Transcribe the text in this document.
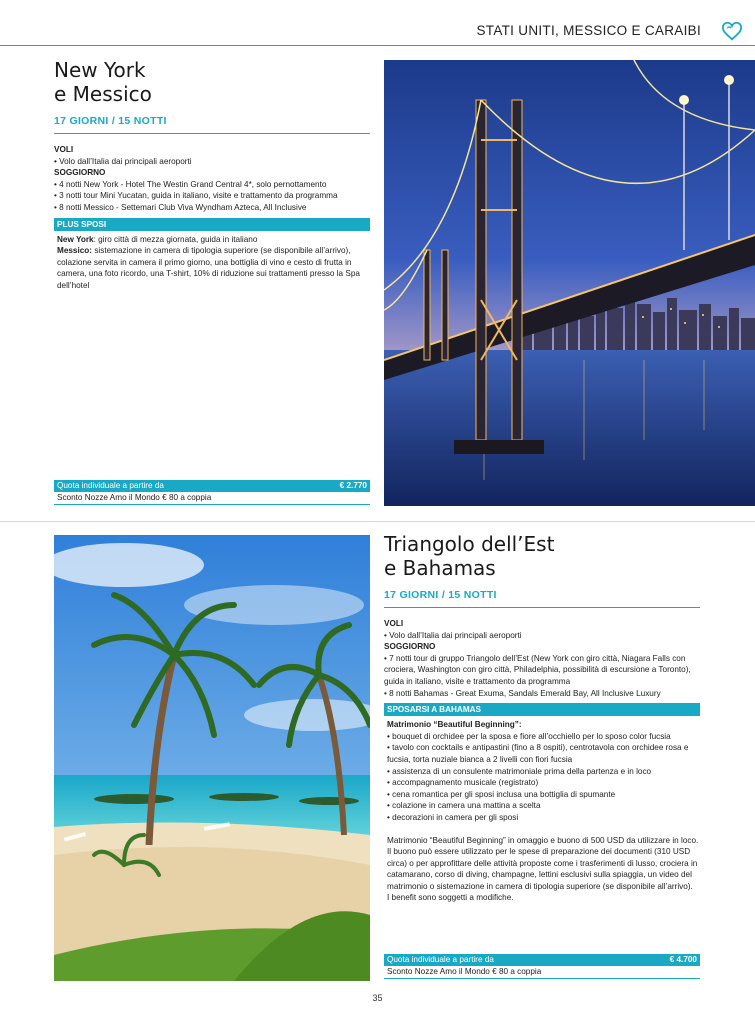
STATI UNITI, MESSICO E CARAIBI
New York
e Messico
17 GIORNI / 15 NOTTI
VOLI
• Volo dall’Italia dai principali aeroporti
SOGGIORNO
• 4 notti New York - Hotel The Westin Grand Central 4*, solo pernottamento
• 3 notti tour Mini Yucatan, guida in italiano, visite e trattamento da programma
• 8 notti Messico - Settemari Club Viva Wyndham Azteca, All Inclusive
PLUS SPOSI
New York: giro città di mezza giornata, guida in italiano
Messico: sistemazione in camera di tipologia superiore (se disponibile all’arrivo), colazione servita in camera il primo giorno, una bottiglia di vino e cesto di frutta in camera, una foto ricordo, una T-shirt, 10% di riduzione sui trattamenti presso la Spa dell’hotel
Quota individuale a partire da	€ 2.770
Sconto Nozze Amo il Mondo € 80 a coppia
Triangolo dell’Est
e Bahamas
17 GIORNI / 15 NOTTI
VOLI
• Volo dall’Italia dai principali aeroporti
SOGGIORNO
• 7 notti tour di gruppo Triangolo dell’Est (New York con giro città, Niagara Falls con crociera, Washington con giro città, Philadelphia, possibilità di escursione a Toronto), guida in italiano, visite e trattamento da programma
• 8 notti Bahamas - Great Exuma, Sandals Emerald Bay, All Inclusive Luxury
SPOSARSI A BAHAMAS
Matrimonio “Beautiful Beginning”:
• bouquet di orchidee per la sposa e fiore all’occhiello per lo sposo color fucsia
• tavolo con cocktails e antipastini (fino a 8 ospiti), centrotavola con orchidee rosa e fucsia, torta nuziale bianca a 2 livelli con fiori fucsia
• assistenza di un consulente matrimoniale prima della partenza e in loco
• accompagnamento musicale (registrato)
• cena romantica per gli sposi inclusa una bottiglia di spumante
• colazione in camera una mattina a scelta
• decorazioni in camera per gli sposi
Matrimonio “Beautiful Beginning” in omaggio e buono di 500 USD da utilizzare in loco. Il buono può essere utilizzato per le spese di preparazione dei documenti (310 USD circa) o per approfittare delle attività proposte come i trasferimenti di lusso, crociera in catamarano, corso di diving, champagne, lettini esclusivi sulla spiaggia, un video del matrimonio o sistemazione in camera di tipologia superiore (se disponibile all’arrivo).
I benefit sono soggetti a modifiche.
Quota individuale a partire da	€ 4.700
Sconto Nozze Amo il Mondo € 80 a coppia
35
